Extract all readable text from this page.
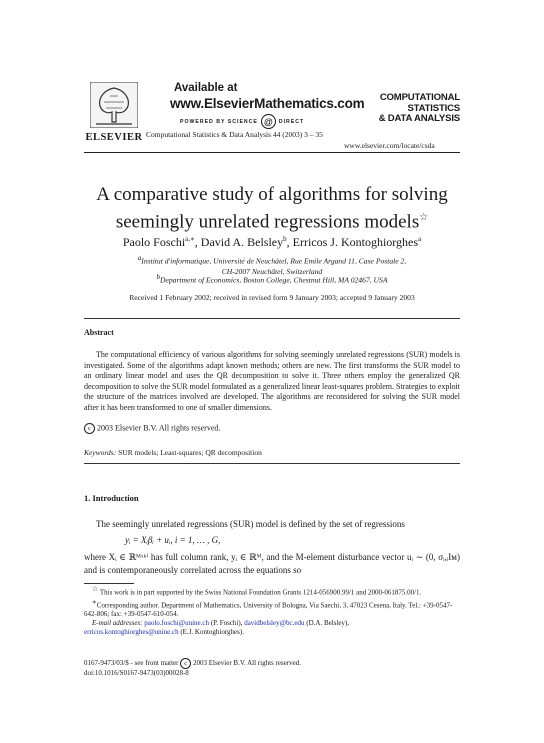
ELSEVIER
Available at
www.ElsevierMathematics.com
POWERED BY SCIENCE @	DIRECT
Computational Statistics & Data Analysis 44 (2003) 3 – 35
COMPUTATIONAL
STATISTICS
& DATA ANALYSIS
www.elsevier.com/locate/csda
A comparative study of algorithms for solving
seemingly unrelated regressions models☆
Paolo Foschi$^{a,∗}$, David A. Belsley$^b$, Erricos J. Kontoghiorghes$^a$
$^a$Institut d'informatique, Université de Neuchâtel, Rue Emile Argand 11, Case Postale 2,
CH-2007 Neuchâtel, Switzerland
$^b$Department of Economics, Boston College, Chestnut Hill, MA 02467, USA
Received 1 February 2002; received in revised form 9 January 2003; accepted 9 January 2003
Abstract

The computational efficiency of various algorithms for solving seemingly unrelated regressions (SUR) models is investigated. Some of the algorithms adapt known methods; others are new. The first transforms the SUR model to an ordinary linear model and uses the QR decomposition to solve it. Three others employ the generalized QR decomposition to solve the SUR model formulated as a generalized linear least-squares problem. Strategies to exploit the structure of the matrices involved are developed. The algorithms are reconsidered for solving the SUR model after it has been transformed to one of smaller dimensions.

c 2003 Elsevier B.V. All rights reserved.
Keywords: SUR models; Least-squares; QR decomposition
1. Introduction
The seemingly unrelated regressions (SUR) model is defined by the set of regressions
yᵢ = Xᵢβᵢ + uᵢ, i = 1, … , G,
where Xᵢ ∈ ℝᴹˣᵏⁱ has full column rank, yᵢ ∈ ℝᴹ, and the M-element disturbance vector uᵢ ∼ (0, σᵢ,ᵢIᴍ) and is contemporaneously correlated across the equations so

☆ This work is in part supported by the Swiss National Foundation Grants 1214-056900.99/1 and 2000-061875.00/1.

∗Corresponding author. Department of Mathematics, University of Bologna, Via Saechi, 3, 47023 Cesena, Italy. Tel.: +39-0547-642-806; fax: +39-0547-610-054.

E-mail addresses: paolo.foschi@unine.ch (P. Foschi), davidbelsley@bc.edu (D.A. Belsley),

erricos.kontoghiorghes@unine.ch (E.J. Kontoghiorghes).

0167-9473/03/$ - see front matter c 2003 Elsevier B.V. All rights reserved.

doi:10.1016/S0167-9473(03)00028-8
